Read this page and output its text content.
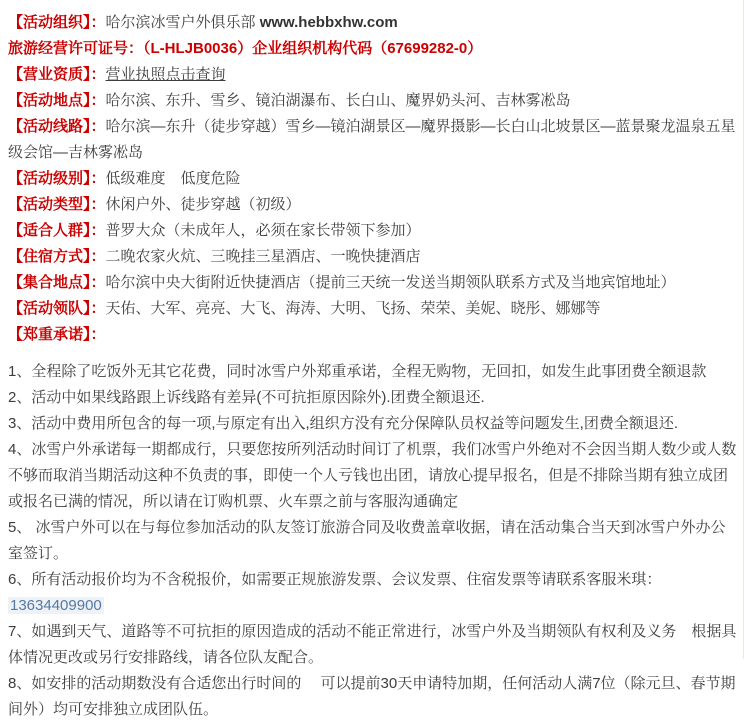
【活动组织】：哈尔滨冰雪户外俱乐部 www.hebbxhw.com

旅游经营许可证号：（L-HLJB0036）企业组织机构代码（67699282-0）

【营业资质】：营业执照点击查询

【活动地点】：哈尔滨、东升、雪乡、镜泊湖瀑布、长白山、魔界奶头河、吉林雾凇岛

【活动线路】：哈尔滨—东升（徒步穿越）雪乡—镜泊湖景区—魔界摄影—长白山北坡景区—蓝景聚龙温泉五星级会馆—吉林雾凇岛

【活动级别】：低级难度　低度危险

【活动类型】：休闲户外、徒步穿越（初级）

【适合人群】：普罗大众（未成年人，必须在家长带领下参加）

【住宿方式】：二晚农家火炕、三晚挂三星酒店、一晚快捷酒店

【集合地点】：哈尔滨中央大街附近快捷酒店（提前三天统一发送当期领队联系方式及当地宾馆地址）

【活动领队】：天佑、大军、亮亮、大飞、海涛、大明、飞扬、荣荣、美妮、晓彤、娜娜等

【郑重承诺】：

1、全程除了吃饭外无其它花费，同时冰雪户外郑重承诺，全程无购物，无回扣，如发生此事团费全额退款

2、活动中如果线路跟上诉线路有差异(不可抗拒原因除外).团费全额退还.

3、活动中费用所包含的每一项,与原定有出入,组织方没有充分保障队员权益等问题发生,团费全额退还.

4、冰雪户外承诺每一期都成行，只要您按所列活动时间订了机票，我们冰雪户外绝对不会因当期人数少或人数不够而取消当期活动这种不负责的事，即使一个人亏钱也出团，请放心提早报名，但是不排除当期有独立成团或报名已满的情况，所以请在订购机票、火车票之前与客服沟通确定

5、 冰雪户外可以在与每位参加活动的队友签订旅游合同及收费盖章收据，请在活动集合当天到冰雪户外办公室签订。

6、所有活动报价均为不含税报价，如需要正规旅游发票、会议发票、住宿发票等请联系客服米琪：13634409900

7、如遇到天气、道路等不可抗拒的原因造成的活动不能正常进行，冰雪户外及当期领队有权利及义务　根据具体情况更改或另行安排路线，请各位队友配合。

8、如安排的活动期数没有合适您出行时间的　 可以提前30天申请特加期，任何活动人满7位（除元旦、春节期间外）均可安排独立成团队伍。
